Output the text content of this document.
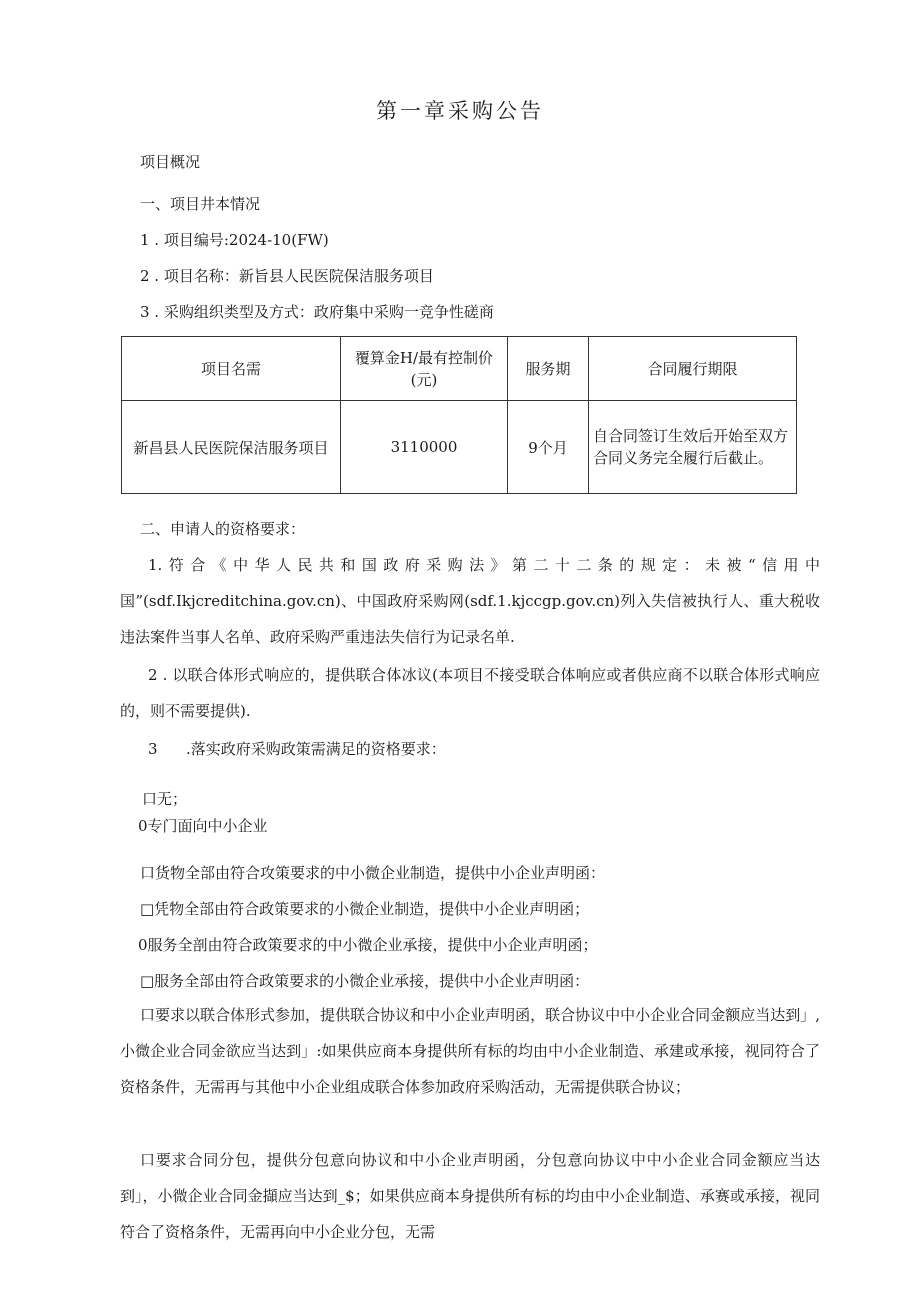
第一章采购公告
项目概况
一、项目井本情况
1 . 项目编号:2024-10(FW)
2 . 项目名称：新旨县人民医院保洁服务项目
3 . 采购组织类型及方式：政府集中采购一竞争性磋商
项目名需	覆算金H/最有控制价(元)	服务期	合同履行期限
新昌县人民医院保洁服务项目	3110000	9个月	自合同签订生效后开始至双方合同义务完全履行后截止。
二、申请人的资格要求：
1.符合《中华人民共和国政府采购法》第二十二条的规定：未被“信用中国”(sdf.Ikjcreditchina.gov.cn)、中国政府采购网(sdf.1.kjccgp.gov.cn)列入失信被执行人、重大税收违法案件当事人名单、政府采购严重违法失信行为记录名单.
2 . 以联合体形式响应的，提供联合体冰议(本项目不接受联合体响应或者供应商不以联合体形式响应的，则不需要提供).
3 .落实政府采购政策需满足的资格要求：
口无；
0专门面向中小企业
口货物全部由符合攻策要求的中小微企业制造，提供中小企业声明函：
□凭物全部由符合政策要求的小微企业制造，提供中小企业声明函；
0服务全剖由符合政策要求的中小微企业承接，提供中小企业声明函；
□服务全部由符合政策要求的小微企业承接，提供中小企业声明函：
口要求以联合体形式参加，提供联合协议和中小企业声明函，联合协议中中小企业合同金额应当达到」,小微企业合同金欲应当达到」:如果供应商本身提供所有标的均由中小企业制造、承建或承接，视同符合了资格条件，无需再与其他中小企业组成联合体参加政府采购活动，无需提供联合协议；
口要求合同分包，提供分包意向协议和中小企业声明函，分包意向协议中中小企业合同金额应当达到」，小微企业合同金擷应当达到_$；如果供应商本身提供所有标的均由中小企业制造、承赛或承接，视同符合了资格条件，无需再向中小企业分包，无需
